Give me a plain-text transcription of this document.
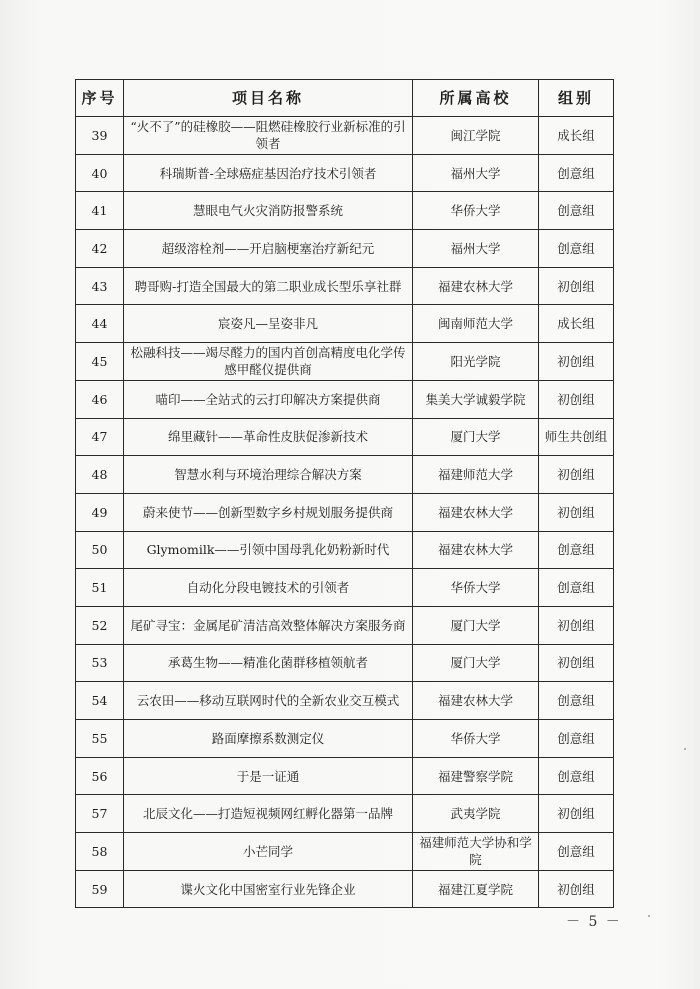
序号	项目名称	所属高校	组别
39	“火不了”的硅橡胶——阻燃硅橡胶行业新标准的引领者	闽江学院	成长组
40	科瑞斯普-全球癌症基因治疗技术引领者	福州大学	创意组
41	慧眼电气火灾消防报警系统	华侨大学	创意组
42	超级溶栓剂——开启脑梗塞治疗新纪元	福州大学	创意组
43	聘哥购-打造全国最大的第二职业成长型乐享社群	福建农林大学	初创组
44	宸姿凡—呈姿非凡	闽南师范大学	成长组
45	松融科技——竭尽醛力的国内首创高精度电化学传感甲醛仪提供商	阳光学院	初创组
46	喵印——全站式的云打印解决方案提供商	集美大学诚毅学院	初创组
47	绵里藏针——革命性皮肤促渗新技术	厦门大学	师生共创组
48	智慧水利与环境治理综合解决方案	福建师范大学	初创组
49	蔚来使节——创新型数字乡村规划服务提供商	福建农林大学	初创组
50	Glymomilk——引领中国母乳化奶粉新时代	福建农林大学	创意组
51	自动化分段电镀技术的引领者	华侨大学	创意组
52	尾矿寻宝：金属尾矿清洁高效整体解决方案服务商	厦门大学	初创组
53	承葛生物——精准化菌群移植领航者	厦门大学	初创组
54	云农田——移动互联网时代的全新农业交互模式	福建农林大学	创意组
55	路面摩擦系数测定仪	华侨大学	创意组
56	于是一证通	福建警察学院	创意组
57	北辰文化——打造短视频网红孵化器第一品牌	武夷学院	初创组
58	小芒同学	福建师范大学协和学院	创意组
59	谍火文化中国密室行业先锋企业	福建江夏学院	初创组
－ 5 －
